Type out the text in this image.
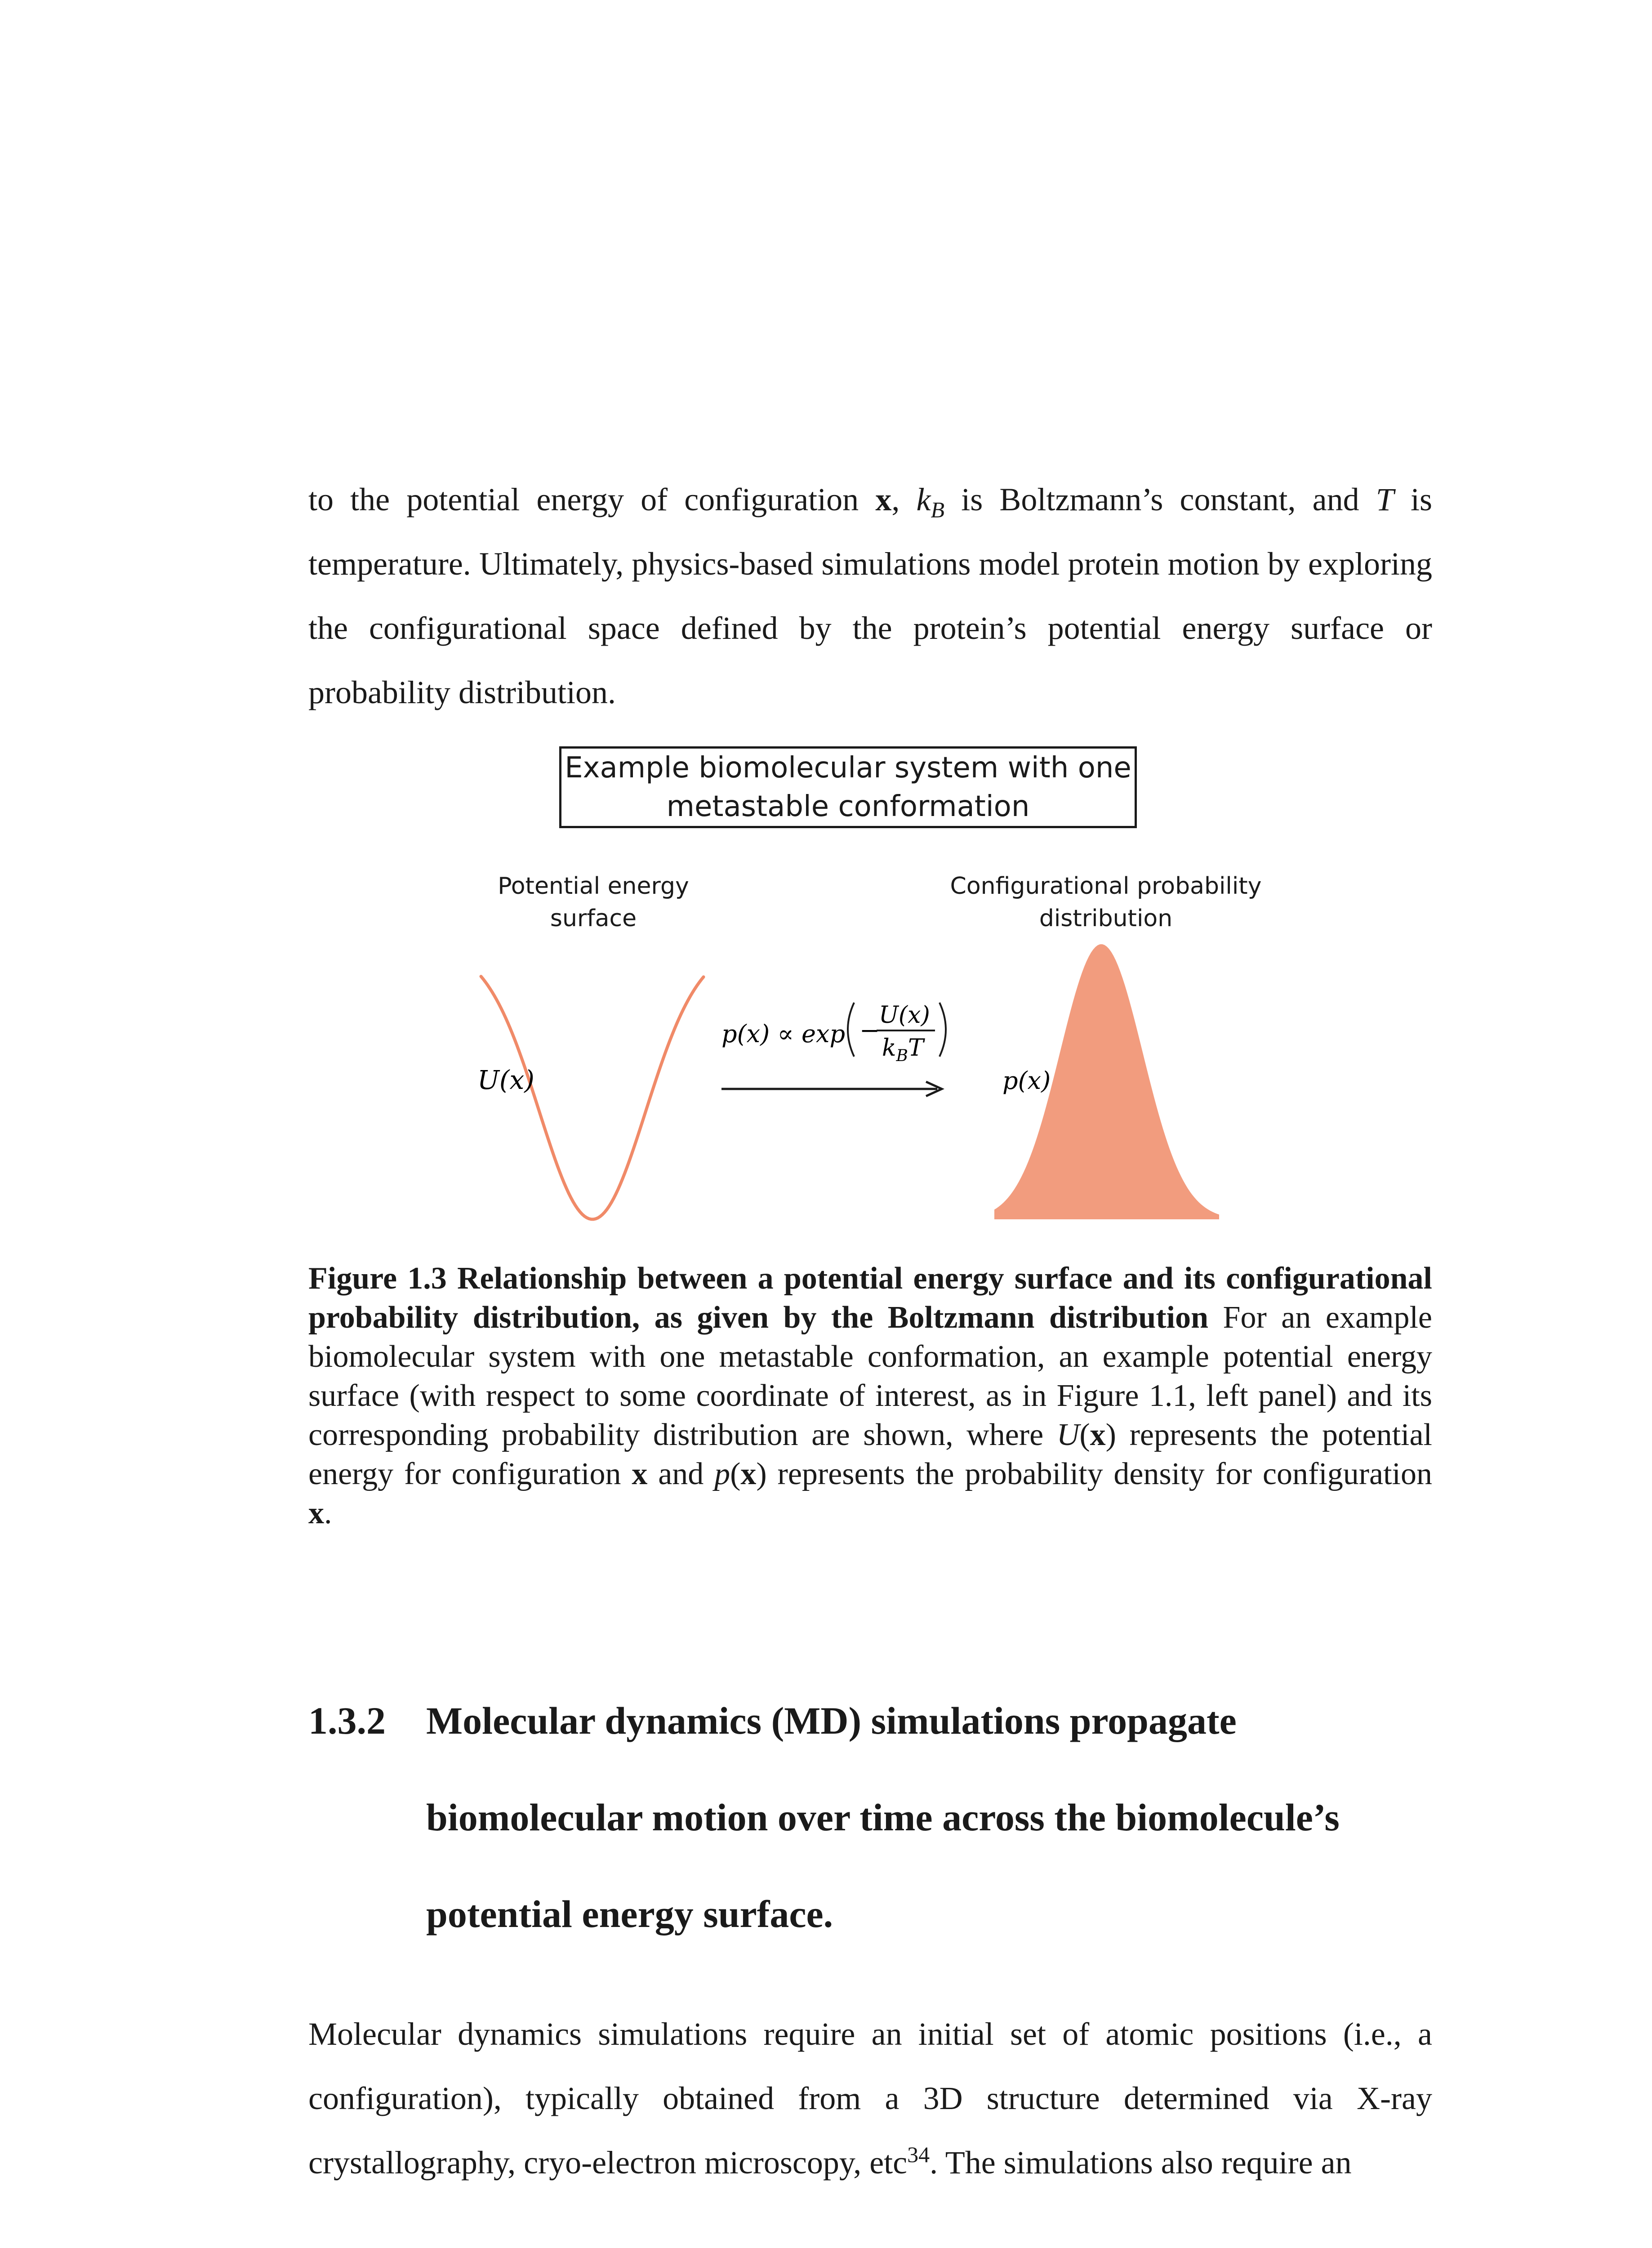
to the potential energy of configuration x, $k_B$ is Boltzmann’s constant, and T is temperature. Ultimately, physics-based simulations model protein motion by exploring the configurational space defined by the protein’s potential energy surface or probability distribution.

Example biomolecular system with one metastable conformation
Potential energy surface
Configurational probability distribution
U(x)	p(x)
p(x) ∝ exp −
U(x)
$k_BT$

Figure 1.3 Relationship between a potential energy surface and its configurational probability distribution, as given by the Boltzmann distribution For an example biomolecular system with one metastable conformation, an example potential energy surface (with respect to some coordinate of interest, as in Figure 1.1, left panel) and its corresponding probability distribution are shown, where U(x) represents the potential energy for configuration x and p(x) represents the probability density for configuration x.

1.3.2 Molecular dynamics (MD) simulations propagate biomolecular motion over time across the biomolecule’s potential energy surface.

Molecular dynamics simulations require an initial set of atomic positions (i.e., a configuration), typically obtained from a 3D structure determined via X-ray crystallography, cryo-electron microscopy, etc$^{34}$. The simulations also require an
